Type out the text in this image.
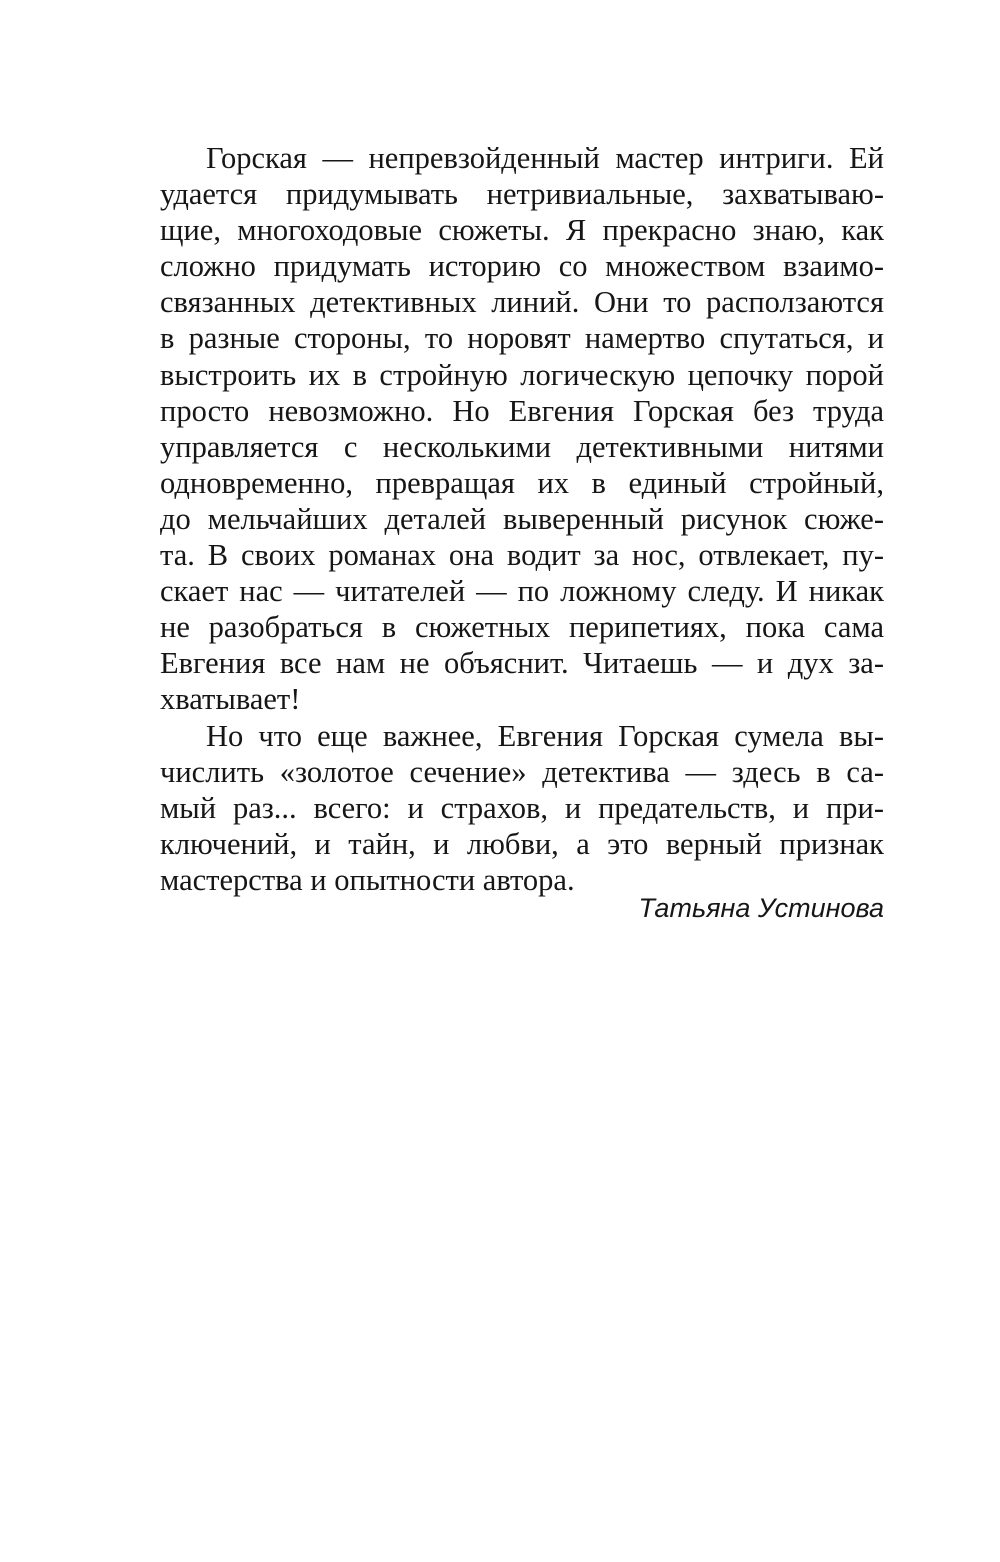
Горская — непревзойденный мастер интриги. Ей
удается придумывать нетривиальные, захватываю-
щие, многоходовые сюжеты. Я прекрасно знаю, как
сложно придумать историю со множеством взаимо-
связанных детективных линий. Они то расползаются
в разные стороны, то норовят намертво спутаться, и
выстроить их в стройную логическую цепочку порой
просто невозможно. Но Евгения Горская без труда
управляется с несколькими детективными нитями
одновременно, превращая их в единый стройный,
до мельчайших деталей выверенный рисунок сюже-
та. В своих романах она водит за нос, отвлекает, пу-
скает нас — читателей — по ложному следу. И никак
не разобраться в сюжетных перипетиях, пока сама
Евгения все нам не объяснит. Читаешь — и дух за-
хватывает!
Но что еще важнее, Евгения Горская сумела вы-
числить «золотое сечение» детектива — здесь в са-
мый раз... всего: и страхов, и предательств, и при-
ключений, и тайн, и любви, а это верный признак
мастерства и опытности автора.
Татьяна Устинова
